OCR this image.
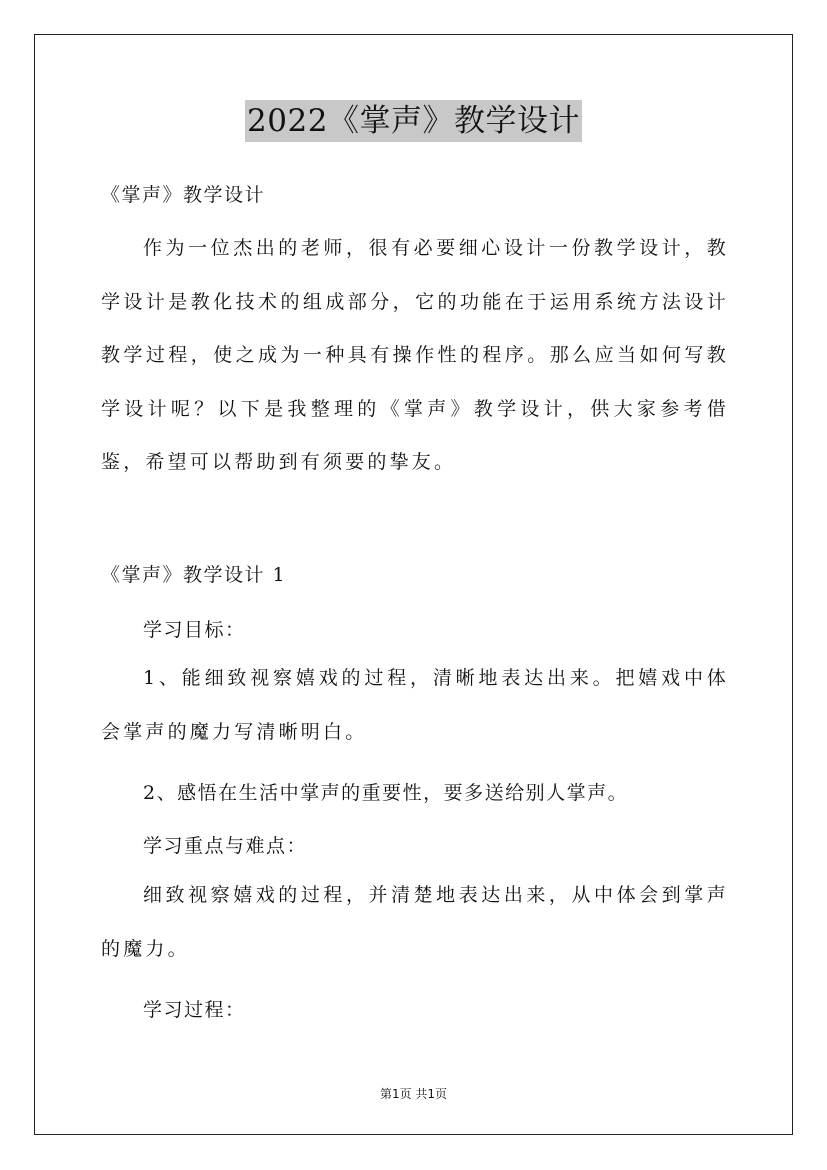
2022《掌声》教学设计
《掌声》教学设计
作为一位杰出的老师，很有必要细心设计一份教学设计，教学设计是教化技术的组成部分，它的功能在于运用系统方法设计教学过程，使之成为一种具有操作性的程序。那么应当如何写教学设计呢？以下是我整理的《掌声》教学设计，供大家参考借鉴，希望可以帮助到有须要的挚友。
《掌声》教学设计 1
学习目标：
1、能细致视察嬉戏的过程，清晰地表达出来。把嬉戏中体会掌声的魔力写清晰明白。
2、感悟在生活中掌声的重要性，要多送给别人掌声。
学习重点与难点：
细致视察嬉戏的过程，并清楚地表达出来，从中体会到掌声的魔力。
学习过程：
第1页 共1页
